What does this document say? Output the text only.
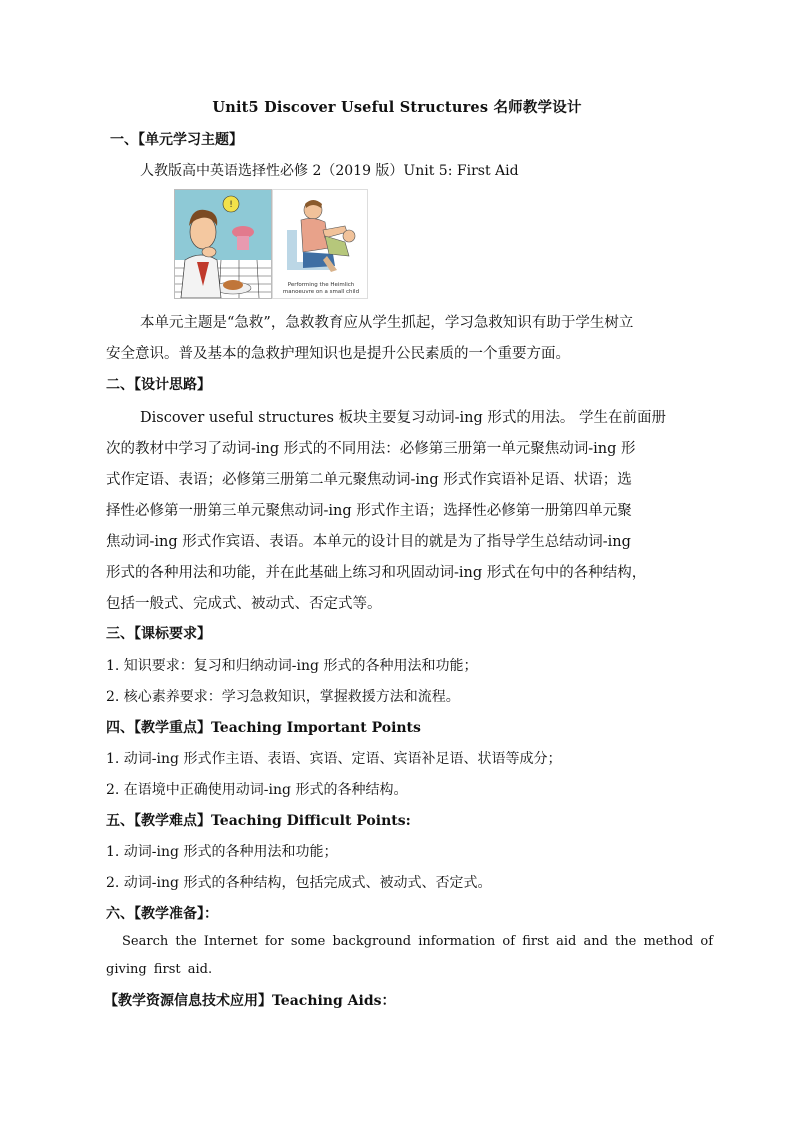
Unit5 Discover Useful Structures 名师教学设计
一、【单元学习主题】
人教版高中英语选择性必修 2（2019 版）Unit 5: First Aid
!
Performing the Heimlich manoeuvre on a small child
本单元主题是“急救”，急救教育应从学生抓起，学习急救知识有助于学生树立
安全意识。普及基本的急救护理知识也是提升公民素质的一个重要方面。
二、【设计思路】
Discover useful structures 板块主要复习动词-ing 形式的用法。 学生在前面册
次的教材中学习了动词-ing 形式的不同用法：必修第三册第一单元聚焦动词-ing 形
式作定语、表语；必修第三册第二单元聚焦动词-ing 形式作宾语补足语、状语；选
择性必修第一册第三单元聚焦动词-ing 形式作主语；选择性必修第一册第四单元聚
焦动词-ing 形式作宾语、表语。本单元的设计目的就是为了指导学生总结动词-ing
形式的各种用法和功能，并在此基础上练习和巩固动词-ing 形式在句中的各种结构，
包括一般式、完成式、被动式、否定式等。
三、【课标要求】
1. 知识要求：复习和归纳动词-ing 形式的各种用法和功能；
2. 核心素养要求：学习急救知识，掌握救援方法和流程。
四、【教学重点】Teaching Important Points
1. 动词-ing 形式作主语、表语、宾语、定语、宾语补足语、状语等成分；
2. 在语境中正确使用动词-ing 形式的各种结构。
五、【教学难点】Teaching Difficult Points:
1. 动词-ing 形式的各种用法和功能；
2. 动词-ing 形式的各种结构，包括完成式、被动式、否定式。
六、【教学准备】：
Search the Internet for some background information of first aid and the method of
giving first aid.
【教学资源信息技术应用】Teaching Aids：
